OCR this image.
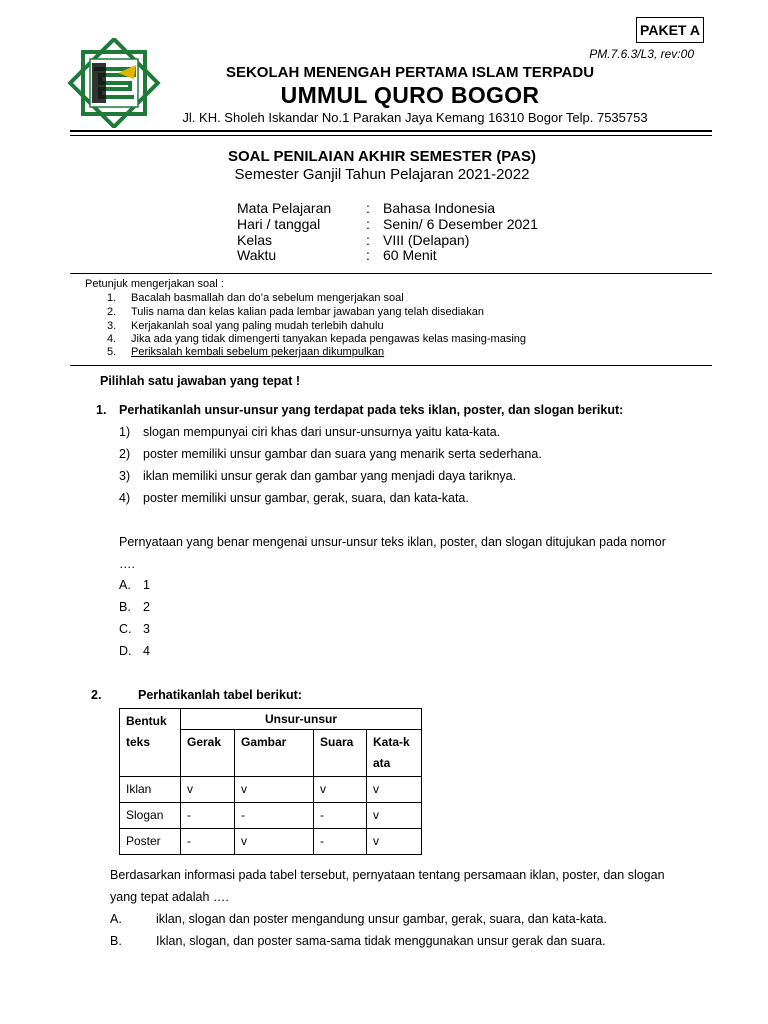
PAKET A
PM.7.6.3/L3, rev:00
SEKOLAH MENENGAH PERTAMA ISLAM TERPADU
UMMUL QURO BOGOR
Jl. KH. Sholeh Iskandar No.1 Parakan Jaya Kemang 16310 Bogor Telp. 7535753
SOAL PENILAIAN AKHIR SEMESTER (PAS)
Semester Ganjil Tahun Pelajaran 2021-2022
Mata Pelajaran	: Bahasa Indonesia
Hari / tanggal	: Senin/ 6 Desember 2021
Kelas	: VIII (Delapan)
Waktu	: 60 Menit
Petunjuk mengerjakan soal :
1. Bacalah basmallah dan do’a sebelum mengerjakan soal
2. Tulis nama dan kelas kalian pada lembar jawaban yang telah disediakan
3. Kerjakanlah soal yang paling mudah terlebih dahulu
4. Jika ada yang tidak dimengerti tanyakan kepada pengawas kelas masing-masing
5. Periksalah kembali sebelum pekerjaan dikumpulkan
Pilihlah satu jawaban yang tepat !
1. Perhatikanlah unsur-unsur yang terdapat pada teks iklan, poster, dan slogan berikut:
1) slogan mempunyai ciri khas dari unsur-unsurnya yaitu kata-kata.
2) poster memiliki unsur gambar dan suara yang menarik serta sederhana.
3) iklan memiliki unsur gerak dan gambar yang menjadi daya tariknya.
4) poster memiliki unsur gambar, gerak, suara, dan kata-kata.
Pernyataan yang benar mengenai unsur-unsur teks iklan, poster, dan slogan ditujukan pada nomor
….
A. 1
B. 2
C. 3
D. 4
2.	Perhatikanlah tabel berikut:
Bentuk
teks	Unsur-unsur			
	Gerak	Gambar	Suara	Kata-k
ata
Iklan	v	v	v	v
Slogan	-	-	-	v
Poster	-	v	-	v
Berdasarkan informasi pada tabel tersebut, pernyataan tentang persamaan iklan, poster, dan slogan
yang tepat adalah ….
A.	iklan, slogan dan poster mengandung unsur gambar, gerak, suara, dan kata-kata.
B.	Iklan, slogan, dan poster sama-sama tidak menggunakan unsur gerak dan suara.
